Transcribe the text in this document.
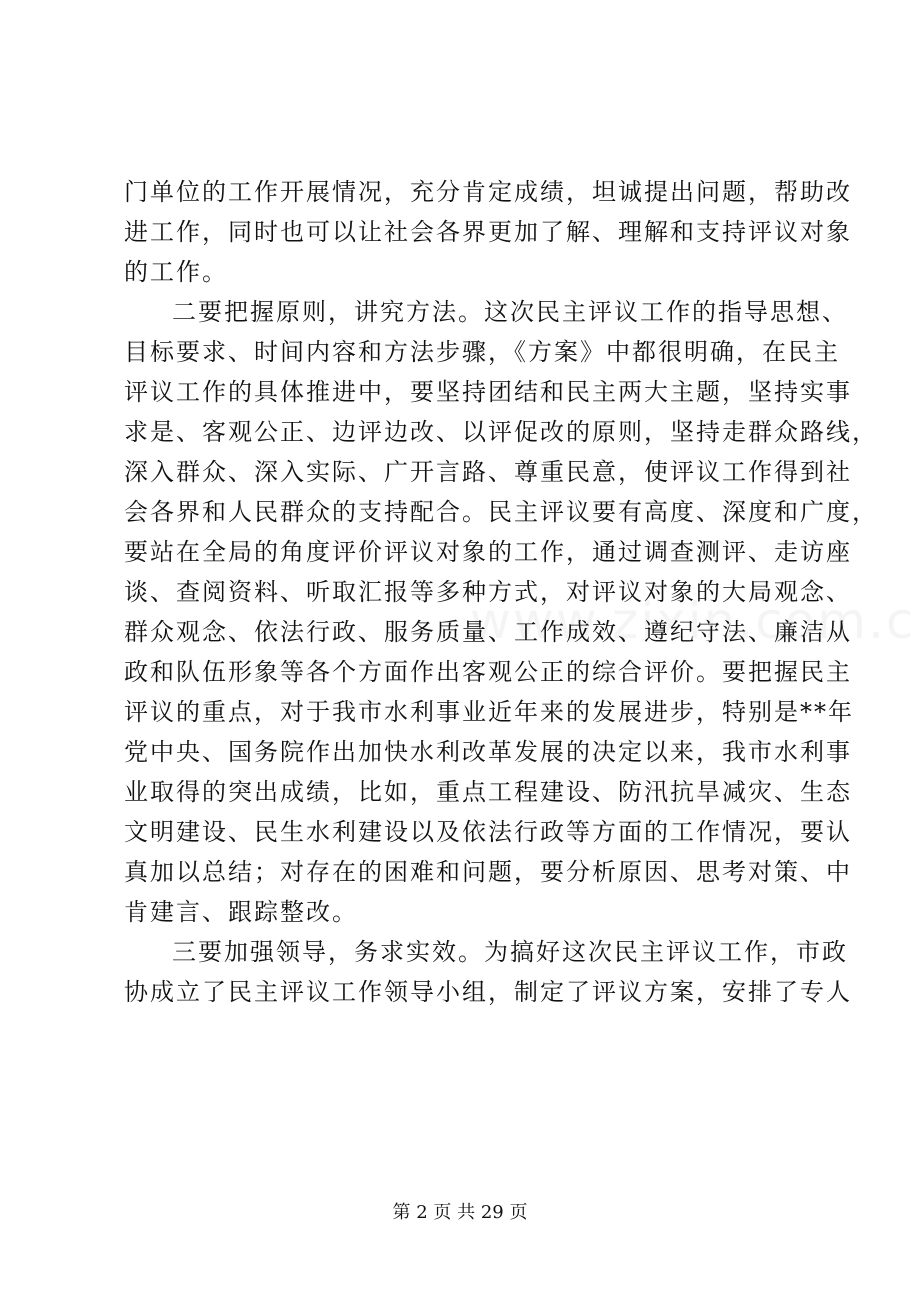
门单位的工作开展情况，充分肯定成绩，坦诚提出问题，帮助改
进工作，同时也可以让社会各界更加了解、理解和支持评议对象
的工作。
二要把握原则，讲究方法。这次民主评议工作的指导思想、
目标要求、时间内容和方法步骤，《方案》中都很明确，在民主
评议工作的具体推进中，要坚持团结和民主两大主题，坚持实事
求是、客观公正、边评边改、以评促改的原则，坚持走群众路线，
深入群众、深入实际、广开言路、尊重民意，使评议工作得到社
会各界和人民群众的支持配合。民主评议要有高度、深度和广度，
要站在全局的角度评价评议对象的工作，通过调查测评、走访座
谈、查阅资料、听取汇报等多种方式，对评议对象的大局观念、
群众观念、依法行政、服务质量、工作成效、遵纪守法、廉洁从
政和队伍形象等各个方面作出客观公正的综合评价。要把握民主
评议的重点，对于我市水利事业近年来的发展进步，特别是**年
党中央、国务院作出加快水利改革发展的决定以来，我市水利事
业取得的突出成绩，比如，重点工程建设、防汛抗旱减灾、生态
文明建设、民生水利建设以及依法行政等方面的工作情况，要认
真加以总结；对存在的困难和问题，要分析原因、思考对策、中
肯建言、跟踪整改。
三要加强领导，务求实效。为搞好这次民主评议工作，市政
协成立了民主评议工作领导小组，制定了评议方案，安排了专人
第 2 页 共 29 页
